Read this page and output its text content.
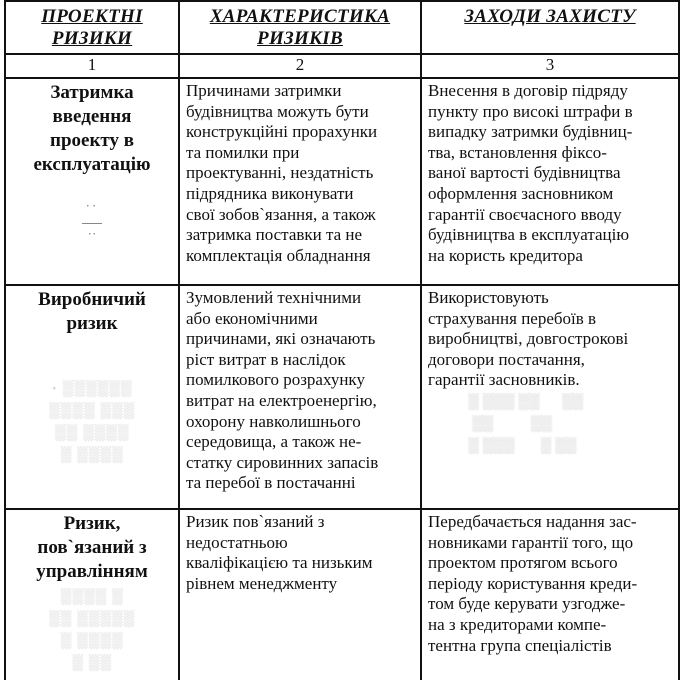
ПРОЕКТНІ РИЗИКИ
ХАРАКТЕРИСТИКА РИЗИКІВ
ЗАХОДИ ЗАХИСТУ
1	2	3
Затримка
введення
проекту в
експлуатацію
··

··
Причинами затримки
будівництва можуть бути
конструкційні прорахунки
та помилки при
проектуванні, нездатність
підрядника виконувати
свої зобов`язання, а також
затримка поставки та не
комплектація обладнання
Внесення в договір підряду
пункту про високі штрафи в
випадку затримки будівниц-
тва, встановлення фіксо-
ваної вартості будівництва
оформлення засновником
гарантії своєчасного вводу
будівництва в експлуатацію
на користь кредитора
Виробничий
ризик
· ░░░░░░
░░░░ ░░░
░░ ░░░░
░ ░░░░
Зумовлений технічними
або економічними
причинами, які означають
ріст витрат в наслідок
помилкового розрахунку
витрат на електроенергію,
охорону навколишнього
середовища, а також не-
статку сировинних запасів
та перебої в постачанні
Використовують
страхування перебоїв в
виробництві, довгострокові
договори постачання,
гарантії засновників.
░ ░░░ ░░      ░░
░░          ░░
░ ░░░       ░ ░░
Ризик,
пов`язаний з
управлінням
░░░░ ░
░░ ░░░░░
░ ░░░░
░ ░░
Ризик пов`язаний з
недостатньою
кваліфікацією та низьким
рівнем менеджменту
Передбачається надання зас-
новниками гарантії того, що
проектом протягом всього
періоду користування креди-
том буде керувати узгодже-
на з кредиторами компе-
тентна група спеціалістів
